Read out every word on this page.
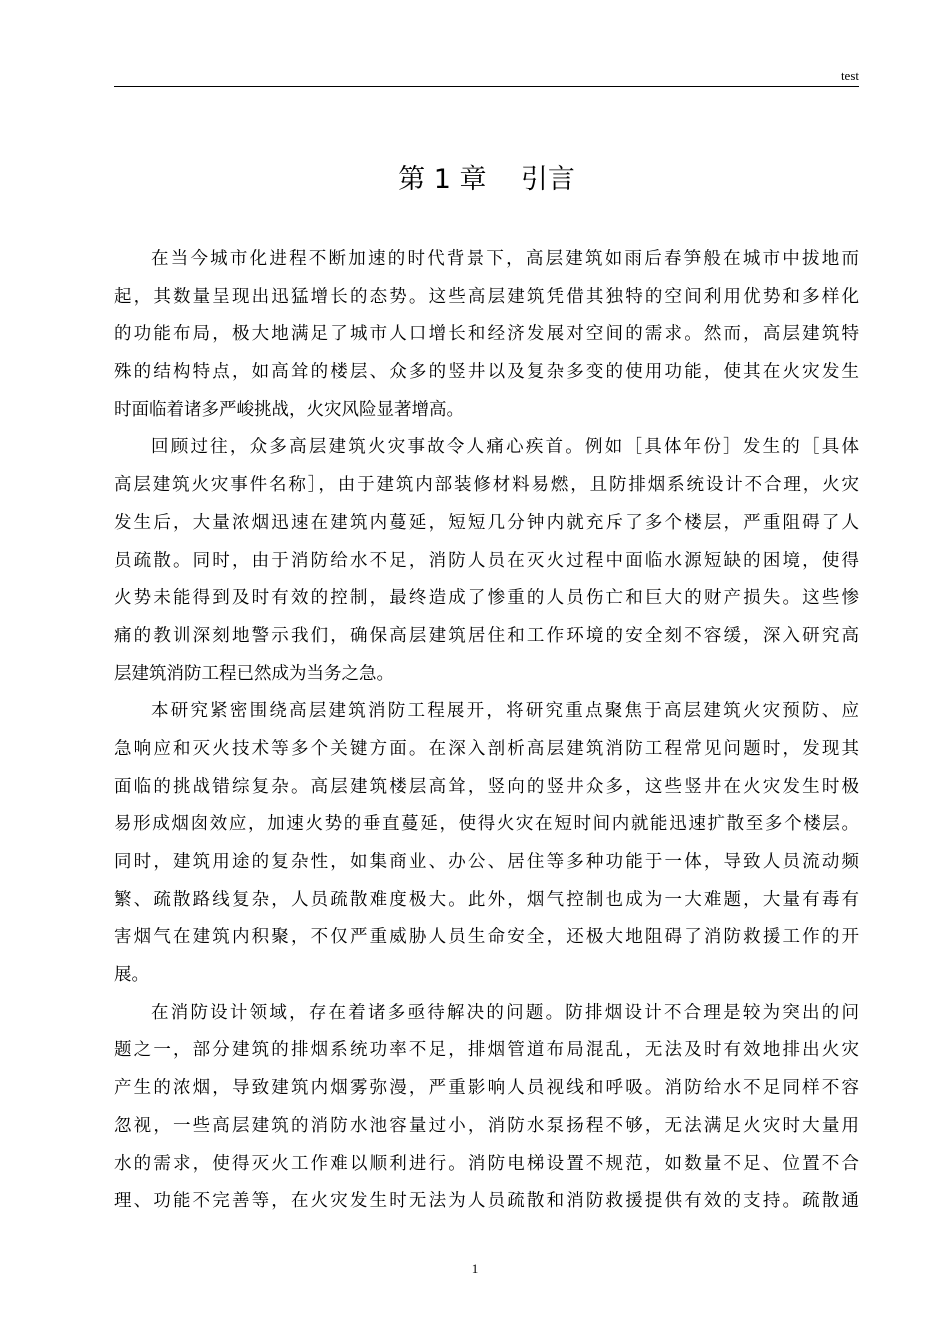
test
第 1 章    引言
在当今城市化进程不断加速的时代背景下，高层建筑如雨后春笋般在城市中拔地而
起，其数量呈现出迅猛增长的态势。这些高层建筑凭借其独特的空间利用优势和多样化
的功能布局，极大地满足了城市人口增长和经济发展对空间的需求。然而，高层建筑特
殊的结构特点，如高耸的楼层、众多的竖井以及复杂多变的使用功能，使其在火灾发生
时面临着诸多严峻挑战，火灾风险显著增高。
回顾过往，众多高层建筑火灾事故令人痛心疾首。例如［具体年份］发生的［具体
高层建筑火灾事件名称］，由于建筑内部装修材料易燃，且防排烟系统设计不合理，火灾
发生后，大量浓烟迅速在建筑内蔓延，短短几分钟内就充斥了多个楼层，严重阻碍了人
员疏散。同时，由于消防给水不足，消防人员在灭火过程中面临水源短缺的困境，使得
火势未能得到及时有效的控制，最终造成了惨重的人员伤亡和巨大的财产损失。这些惨
痛的教训深刻地警示我们，确保高层建筑居住和工作环境的安全刻不容缓，深入研究高
层建筑消防工程已然成为当务之急。
本研究紧密围绕高层建筑消防工程展开，将研究重点聚焦于高层建筑火灾预防、应
急响应和灭火技术等多个关键方面。在深入剖析高层建筑消防工程常见问题时，发现其
面临的挑战错综复杂。高层建筑楼层高耸，竖向的竖井众多，这些竖井在火灾发生时极
易形成烟囱效应，加速火势的垂直蔓延，使得火灾在短时间内就能迅速扩散至多个楼层。
同时，建筑用途的复杂性，如集商业、办公、居住等多种功能于一体，导致人员流动频
繁、疏散路线复杂，人员疏散难度极大。此外，烟气控制也成为一大难题，大量有毒有
害烟气在建筑内积聚，不仅严重威胁人员生命安全，还极大地阻碍了消防救援工作的开
展。
在消防设计领域，存在着诸多亟待解决的问题。防排烟设计不合理是较为突出的问
题之一，部分建筑的排烟系统功率不足，排烟管道布局混乱，无法及时有效地排出火灾
产生的浓烟，导致建筑内烟雾弥漫，严重影响人员视线和呼吸。消防给水不足同样不容
忽视，一些高层建筑的消防水池容量过小，消防水泵扬程不够，无法满足火灾时大量用
水的需求，使得灭火工作难以顺利进行。消防电梯设置不规范，如数量不足、位置不合
理、功能不完善等，在火灾发生时无法为人员疏散和消防救援提供有效的支持。疏散通
1
